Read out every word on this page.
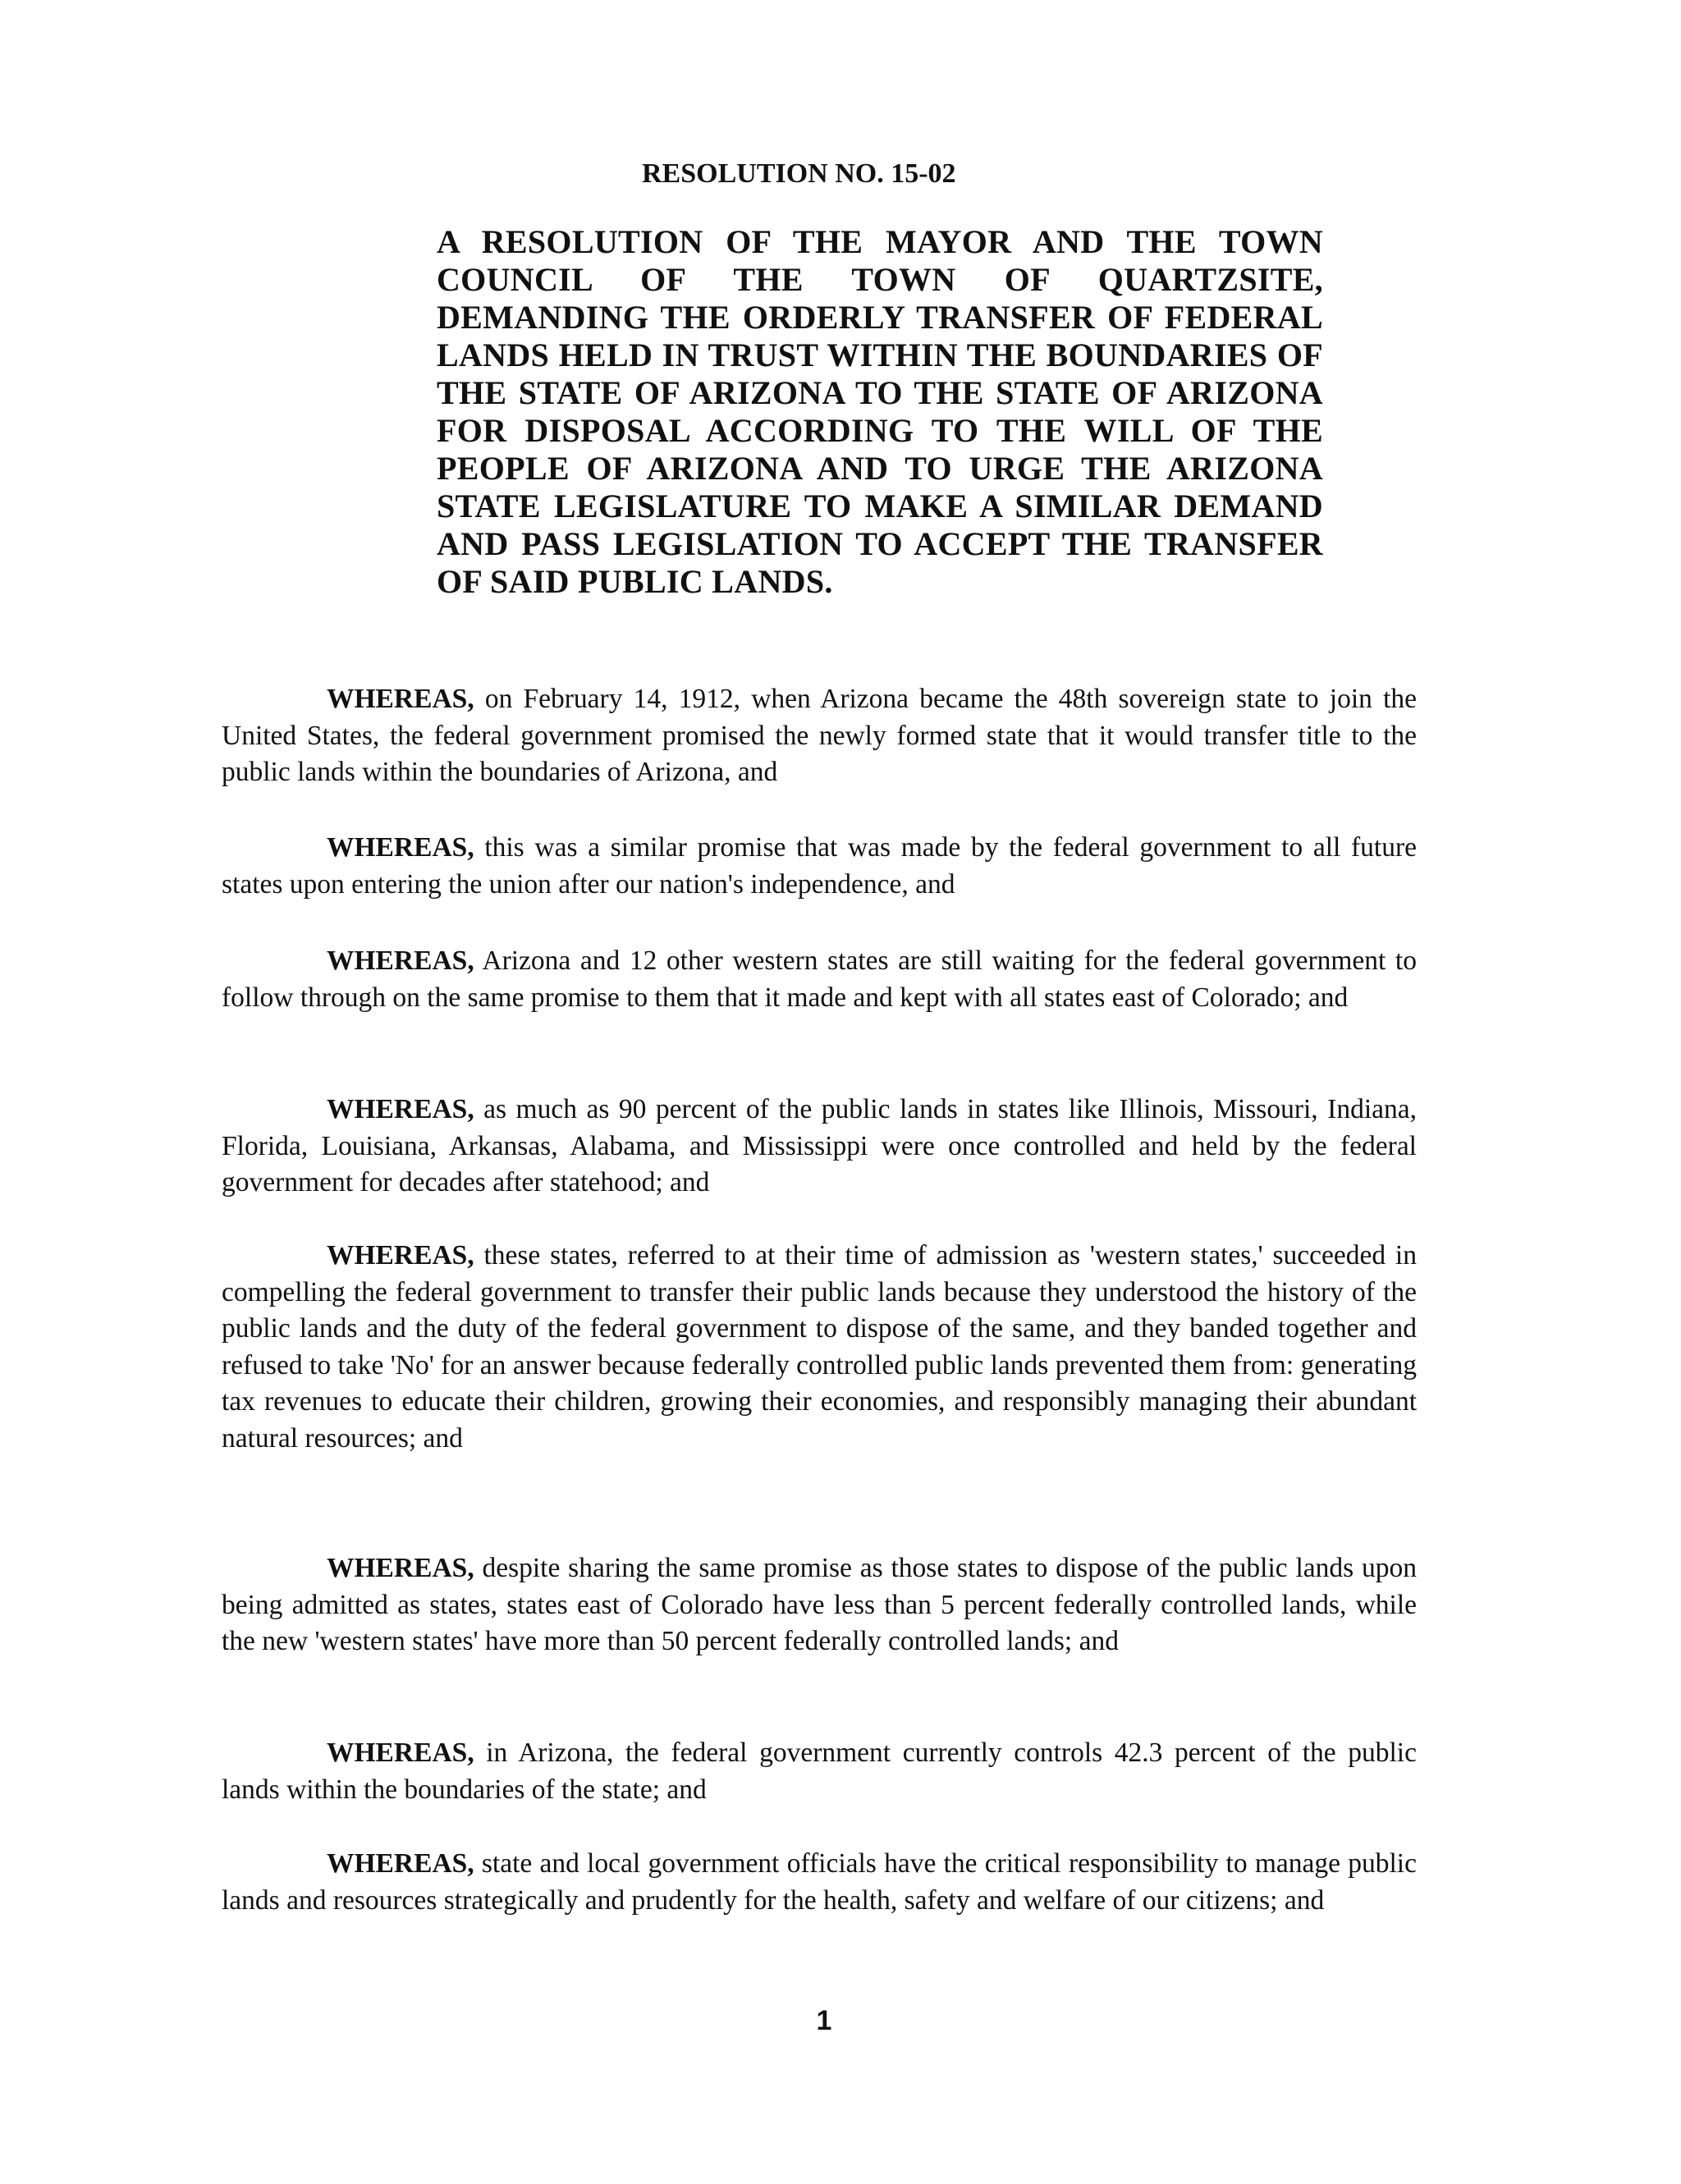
RESOLUTION NO. 15-02
A RESOLUTION OF THE MAYOR AND THE TOWN COUNCIL OF THE TOWN OF QUARTZSITE, DEMANDING THE ORDERLY TRANSFER OF FEDERAL LANDS HELD IN TRUST WITHIN THE BOUNDARIES OF THE STATE OF ARIZONA TO THE STATE OF ARIZONA FOR DISPOSAL ACCORDING TO THE WILL OF THE PEOPLE OF ARIZONA AND TO URGE THE ARIZONA STATE LEGISLATURE TO MAKE A SIMILAR DEMAND AND PASS LEGISLATION TO ACCEPT THE TRANSFER OF SAID PUBLIC LANDS.

WHEREAS, on February 14, 1912, when Arizona became the 48th sovereign state to join the United States, the federal government promised the newly formed state that it would transfer title to the public lands within the boundaries of Arizona, and

WHEREAS, this was a similar promise that was made by the federal government to all future states upon entering the union after our nation's independence, and

WHEREAS, Arizona and 12 other western states are still waiting for the federal government to follow through on the same promise to them that it made and kept with all states east of Colorado; and

WHEREAS, as much as 90 percent of the public lands in states like Illinois, Missouri, Indiana, Florida, Louisiana, Arkansas, Alabama, and Mississippi were once controlled and held by the federal government for decades after statehood; and

WHEREAS, these states, referred to at their time of admission as 'western states,' succeeded in compelling the federal government to transfer their public lands because they understood the history of the public lands and the duty of the federal government to dispose of the same, and they banded together and refused to take 'No' for an answer because federally controlled public lands prevented them from: generating tax revenues to educate their children, growing their economies, and responsibly managing their abundant natural resources; and

WHEREAS, despite sharing the same promise as those states to dispose of the public lands upon being admitted as states, states east of Colorado have less than 5 percent federally controlled lands, while the new 'western states' have more than 50 percent federally controlled lands; and

WHEREAS, in Arizona, the federal government currently controls 42.3 percent of the public lands within the boundaries of the state; and

WHEREAS, state and local government officials have the critical responsibility to manage public lands and resources strategically and prudently for the health, safety and welfare of our citizens; and

1
